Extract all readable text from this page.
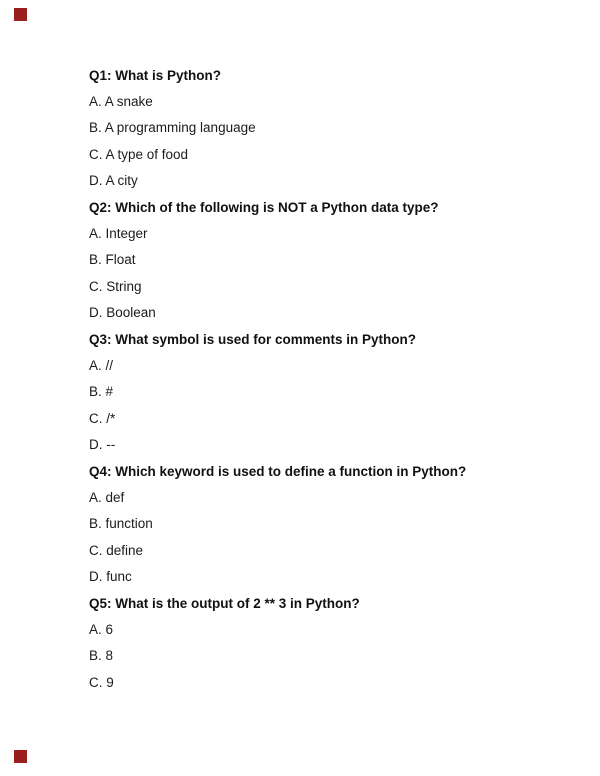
Q1: What is Python?
A. A snake
B. A programming language
C. A type of food
D. A city
Q2: Which of the following is NOT a Python data type?
A. Integer
B. Float
C. String
D. Boolean
Q3: What symbol is used for comments in Python?
A. //
B. #
C. /*
D. --
Q4: Which keyword is used to define a function in Python?
A. def
B. function
C. define
D. func
Q5: What is the output of 2 ** 3 in Python?
A. 6
B. 8
C. 9
